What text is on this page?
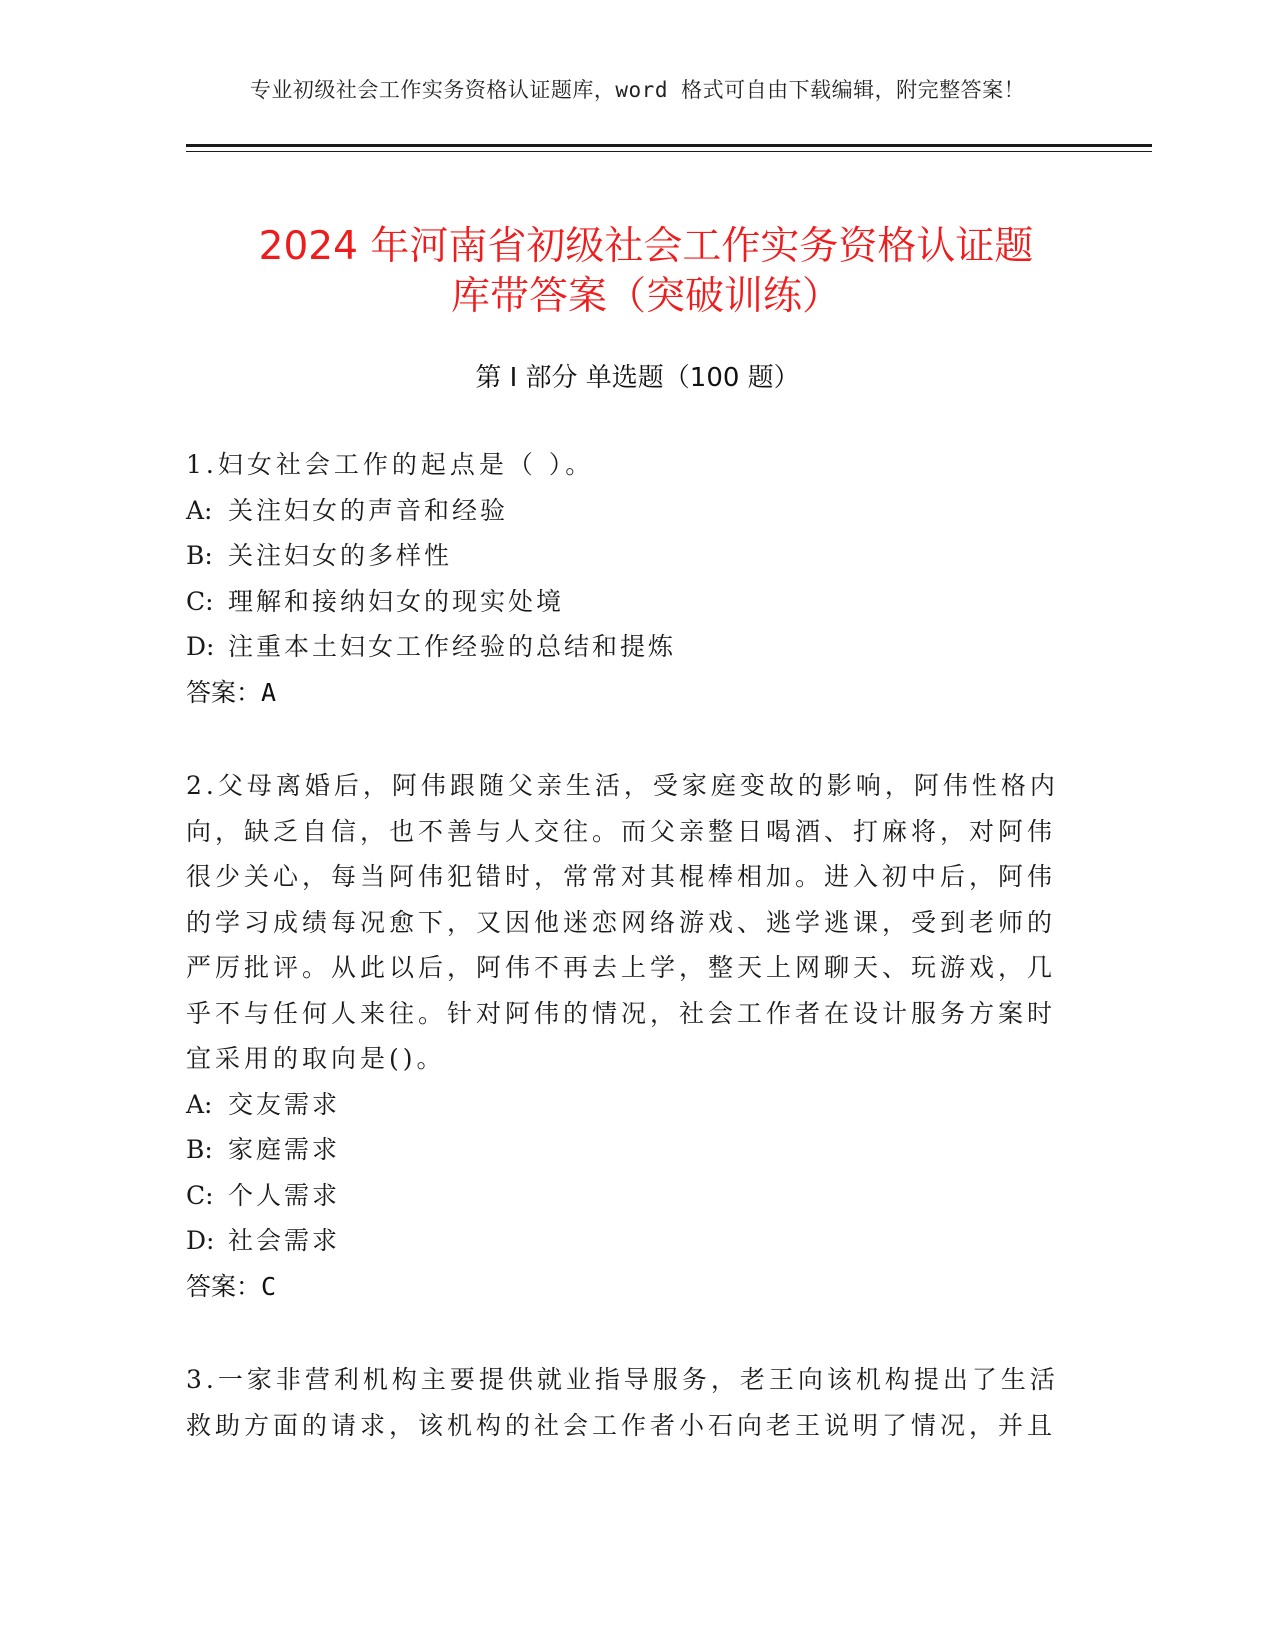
专业初级社会工作实务资格认证题库，word 格式可自由下载编辑，附完整答案！
2024 年河南省初级社会工作实务资格认证题
库带答案（突破训练）
第 I 部分 单选题（100 题）
1.妇女社会工作的起点是（ ）。
A: 关注妇女的声音和经验
B: 关注妇女的多样性
C: 理解和接纳妇女的现实处境
D: 注重本土妇女工作经验的总结和提炼
答案：A
2.父母离婚后，阿伟跟随父亲生活，受家庭变故的影响，阿伟性格内
向，缺乏自信，也不善与人交往。而父亲整日喝酒、打麻将，对阿伟
很少关心，每当阿伟犯错时，常常对其棍棒相加。进入初中后，阿伟
的学习成绩每况愈下，又因他迷恋网络游戏、逃学逃课，受到老师的
严厉批评。从此以后，阿伟不再去上学，整天上网聊天、玩游戏，几
乎不与任何人来往。针对阿伟的情况，社会工作者在设计服务方案时
宜采用的取向是()。
A: 交友需求
B: 家庭需求
C: 个人需求
D: 社会需求
答案：C
3.一家非营利机构主要提供就业指导服务，老王向该机构提出了生活
救助方面的请求，该机构的社会工作者小石向老王说明了情况，并且
